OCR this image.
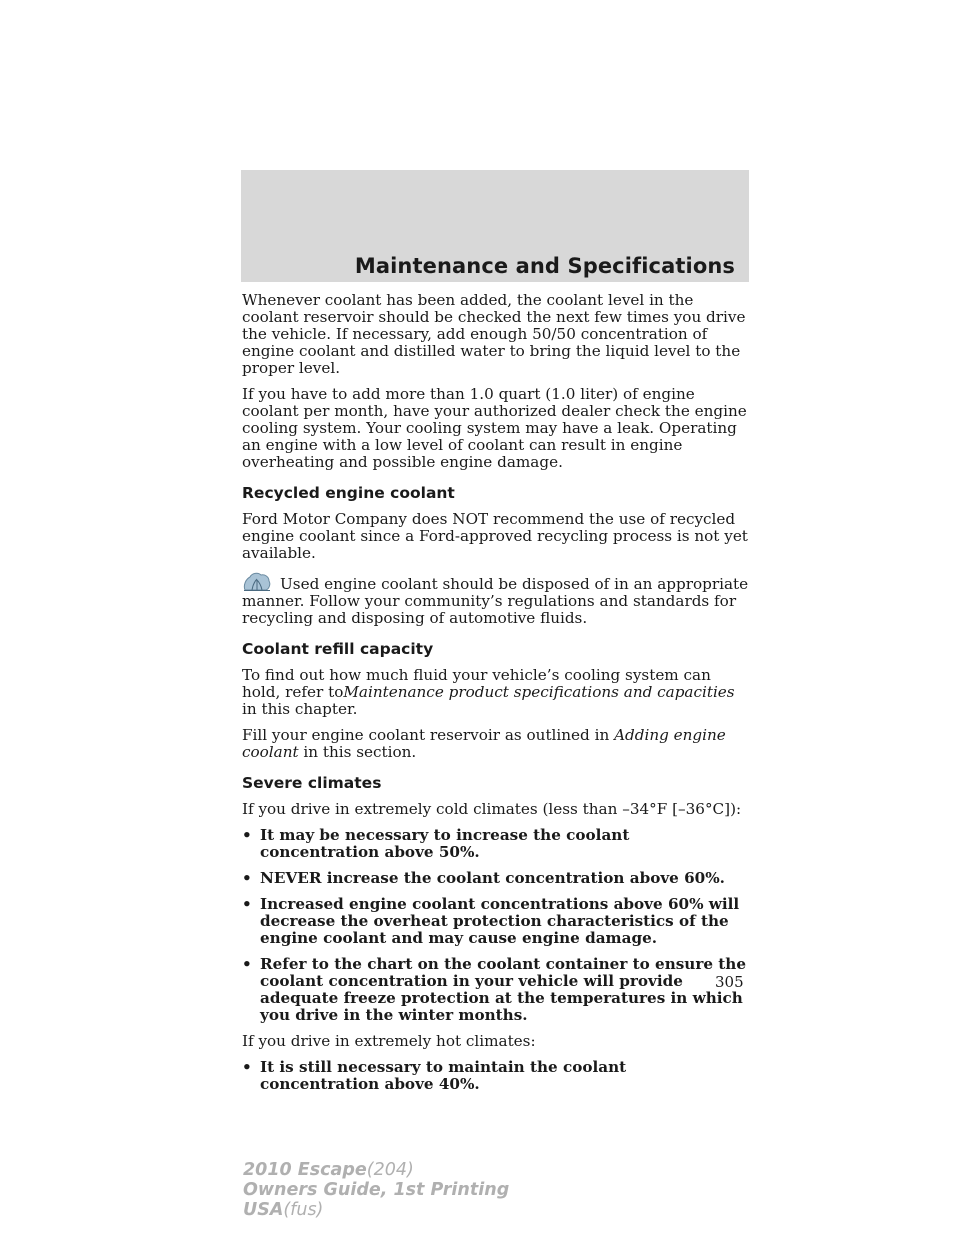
Maintenance and Specifications

Whenever coolant has been added, the coolant level in the coolant reservoir should be checked the next few times you drive the vehicle. If necessary, add enough 50/50 concentration of engine coolant and distilled water to bring the liquid level to the proper level.

If you have to add more than 1.0 quart (1.0 liter) of engine coolant per month, have your authorized dealer check the engine cooling system. Your cooling system may have a leak. Operating an engine with a low level of coolant can result in engine overheating and possible engine damage.

Recycled engine coolant

Ford Motor Company does NOT recommend the use of recycled engine coolant since a Ford-approved recycling process is not yet available.

Used engine coolant should be disposed of in an appropriate manner. Follow your community’s regulations and standards for recycling and disposing of automotive fluids.

Coolant refill capacity

To find out how much fluid your vehicle’s cooling system can hold, refer toMaintenance product specifications and capacities in this chapter.

Fill your engine coolant reservoir as outlined in Adding engine coolant in this section.

Severe climates

If you drive in extremely cold climates (less than –34°F [–36°C]):

• It may be necessary to increase the coolant concentration above 50%.
• NEVER increase the coolant concentration above 60%.
• Increased engine coolant concentrations above 60% will decrease the overheat protection characteristics of the engine coolant and may cause engine damage.
• Refer to the chart on the coolant container to ensure the coolant concentration in your vehicle will provide adequate freeze protection at the temperatures in which you drive in the winter months.

If you drive in extremely hot climates:

• It is still necessary to maintain the coolant concentration above 40%.
305
2010 Escape(204)
Owners Guide, 1st Printing
USA(fus)
